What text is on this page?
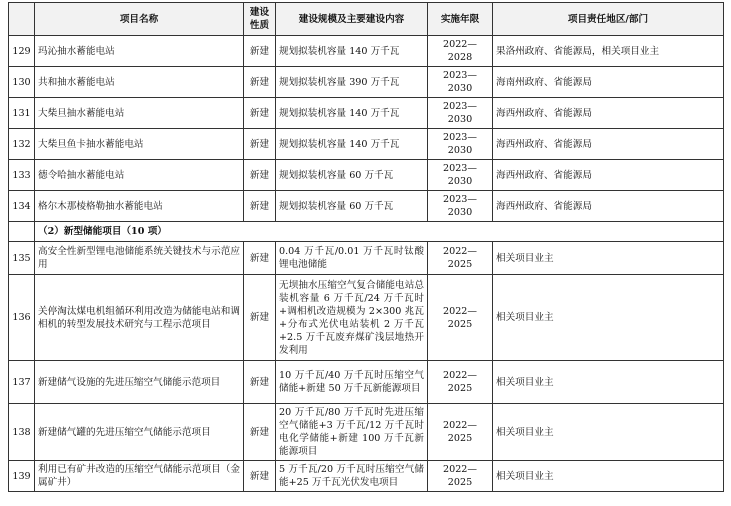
	项目名称	建设性质	建设规模及主要建设内容	实施年限	项目责任地区/部门
129	玛沁抽水蓄能电站	新建	规划拟装机容量 140 万千瓦	2022—2028	果洛州政府、省能源局，相关项目业主
130	共和抽水蓄能电站	新建	规划拟装机容量 390 万千瓦	2023—2030	海南州政府、省能源局
131	大柴旦抽水蓄能电站	新建	规划拟装机容量 140 万千瓦	2023—2030	海西州政府、省能源局
132	大柴旦鱼卡抽水蓄能电站	新建	规划拟装机容量 140 万千瓦	2023—2030	海西州政府、省能源局
133	德令哈抽水蓄能电站	新建	规划拟装机容量 60 万千瓦	2023—2030	海西州政府、省能源局
134	格尔木那棱格勒抽水蓄能电站	新建	规划拟装机容量 60 万千瓦	2023—2030	海西州政府、省能源局
	（2）新型储能项目（10 项）				
135	高安全性新型锂电池储能系统关键技术与示范应用	新建	0.04 万千瓦/0.01 万千瓦时钛酸锂电池储能	2022—2025	相关项目业主
136	关停淘汰煤电机组循环利用改造为储能电站和调相机的转型发展技术研究与工程示范项目	新建	无坝抽水压缩空气复合储能电站总装机容量 6 万千瓦/24 万千瓦时+调相机改造规模为 2×300 兆瓦+分布式光伏电站装机 2 万千瓦+2.5 万千瓦废弃煤矿浅层地热开发利用	2022—2025	相关项目业主
137	新建储气设施的先进压缩空气储能示范项目	新建	10 万千瓦/40 万千瓦时压缩空气储能+新建 50 万千瓦新能源项目	2022—2025	相关项目业主
138	新建储气罐的先进压缩空气储能示范项目	新建	20 万千瓦/80 万千瓦时先进压缩空气储能+3 万千瓦/12 万千瓦时电化学储能+新建 100 万千瓦新能源项目	2022—2025	相关项目业主
139	利用已有矿井改造的压缩空气储能示范项目（金属矿井）	新建	5 万千瓦/20 万千瓦时压缩空气储能+25 万千瓦光伏发电项目	2022—2025	相关项目业主
